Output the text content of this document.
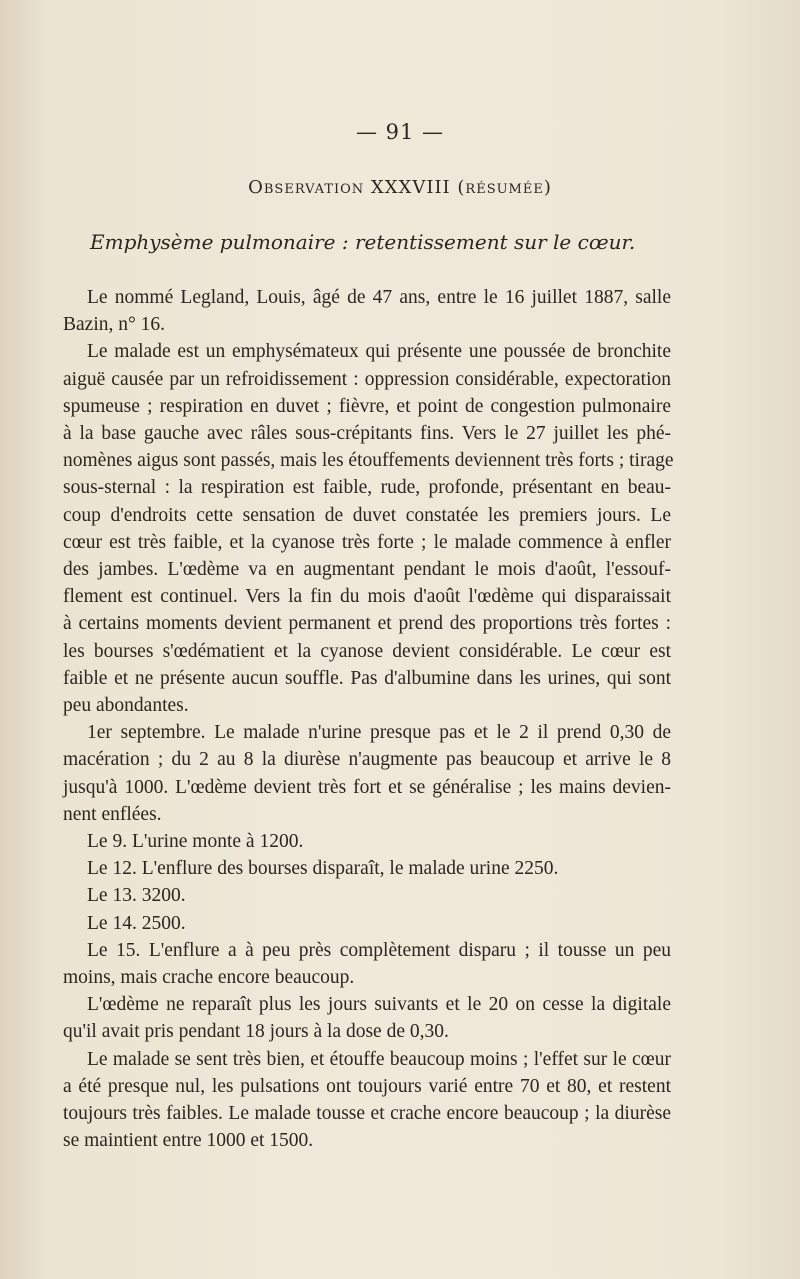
— 91 —
Observation XXXVIII (résumée)
Emphysème pulmonaire : retentissement sur le cœur.
Le nommé Legland, Louis, âgé de 47 ans, entre le 16 juillet 1887, salle
Bazin, n° 16.
Le malade est un emphysémateux qui présente une poussée de bronchite
aiguë causée par un refroidissement : oppression considérable, expectoration
spumeuse ; respiration en duvet ; fièvre, et point de congestion pulmonaire
à la base gauche avec râles sous-crépitants fins. Vers le 27 juillet les phé-
nomènes aigus sont passés, mais les étouffements deviennent très forts ; tirage
sous-sternal : la respiration est faible, rude, profonde, présentant en beau-
coup d'endroits cette sensation de duvet constatée les premiers jours. Le
cœur est très faible, et la cyanose très forte ; le malade commence à enfler
des jambes. L'œdème va en augmentant pendant le mois d'août, l'essouf-
flement est continuel. Vers la fin du mois d'août l'œdème qui disparaissait
à certains moments devient permanent et prend des proportions très fortes :
les bourses s'œdématient et la cyanose devient considérable. Le cœur est
faible et ne présente aucun souffle. Pas d'albumine dans les urines, qui sont
peu abondantes.
1er septembre. Le malade n'urine presque pas et le 2 il prend 0,30 de
macération ; du 2 au 8 la diurèse n'augmente pas beaucoup et arrive le 8
jusqu'à 1000. L'œdème devient très fort et se généralise ; les mains devien-
nent enflées.
Le 9. L'urine monte à 1200.
Le 12. L'enflure des bourses disparaît, le malade urine 2250.
Le 13. 3200.
Le 14. 2500.
Le 15. L'enflure a à peu près complètement disparu ; il tousse un peu
moins, mais crache encore beaucoup.
L'œdème ne reparaît plus les jours suivants et le 20 on cesse la digitale
qu'il avait pris pendant 18 jours à la dose de 0,30.
Le malade se sent très bien, et étouffe beaucoup moins ; l'effet sur le cœur
a été presque nul, les pulsations ont toujours varié entre 70 et 80, et restent
toujours très faibles. Le malade tousse et crache encore beaucoup ; la diurèse
se maintient entre 1000 et 1500.
